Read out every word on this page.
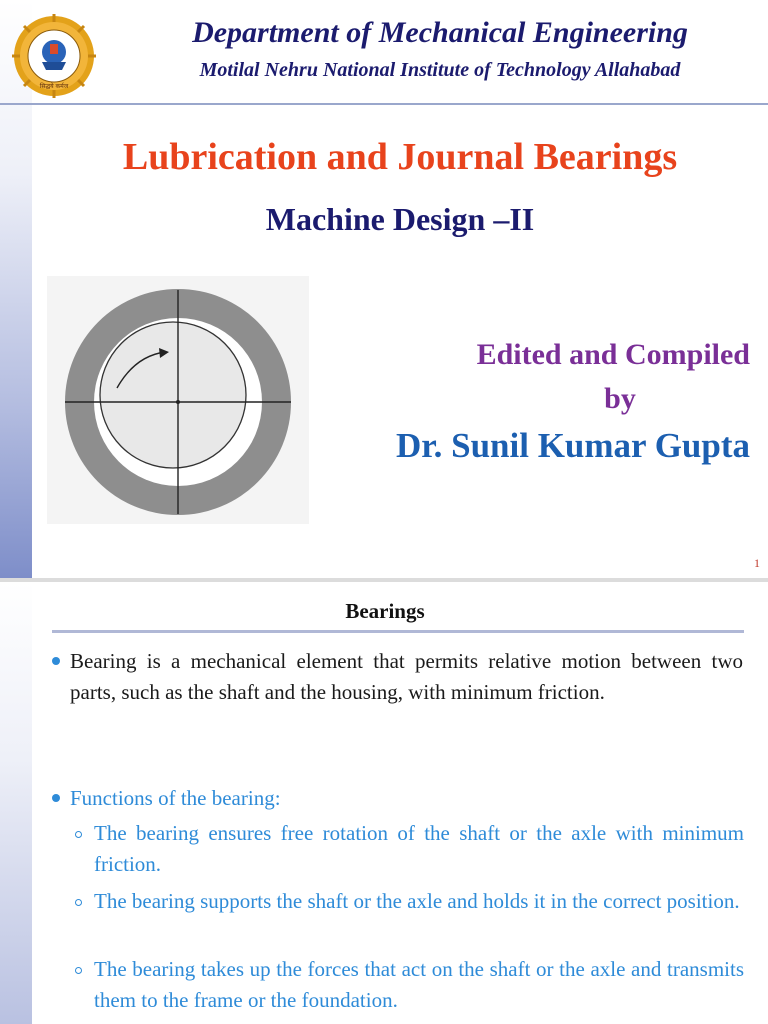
सिद्धये कर्मज
Department of Mechanical Engineering
Motilal Nehru National Institute of Technology Allahabad
Lubrication and Journal Bearings
Machine Design –II
Edited and Compiled
by
Dr. Sunil Kumar Gupta
1
Bearings

Bearing is a mechanical element that permits relative motion between two parts, such as the shaft and the housing, with minimum friction.

Functions of the bearing:

The bearing ensures free rotation of the shaft or the axle with minimum friction.

The bearing supports the shaft or the axle and holds it in the correct position.

The bearing takes up the forces that act on the shaft or the axle and transmits them to the frame or the foundation.
